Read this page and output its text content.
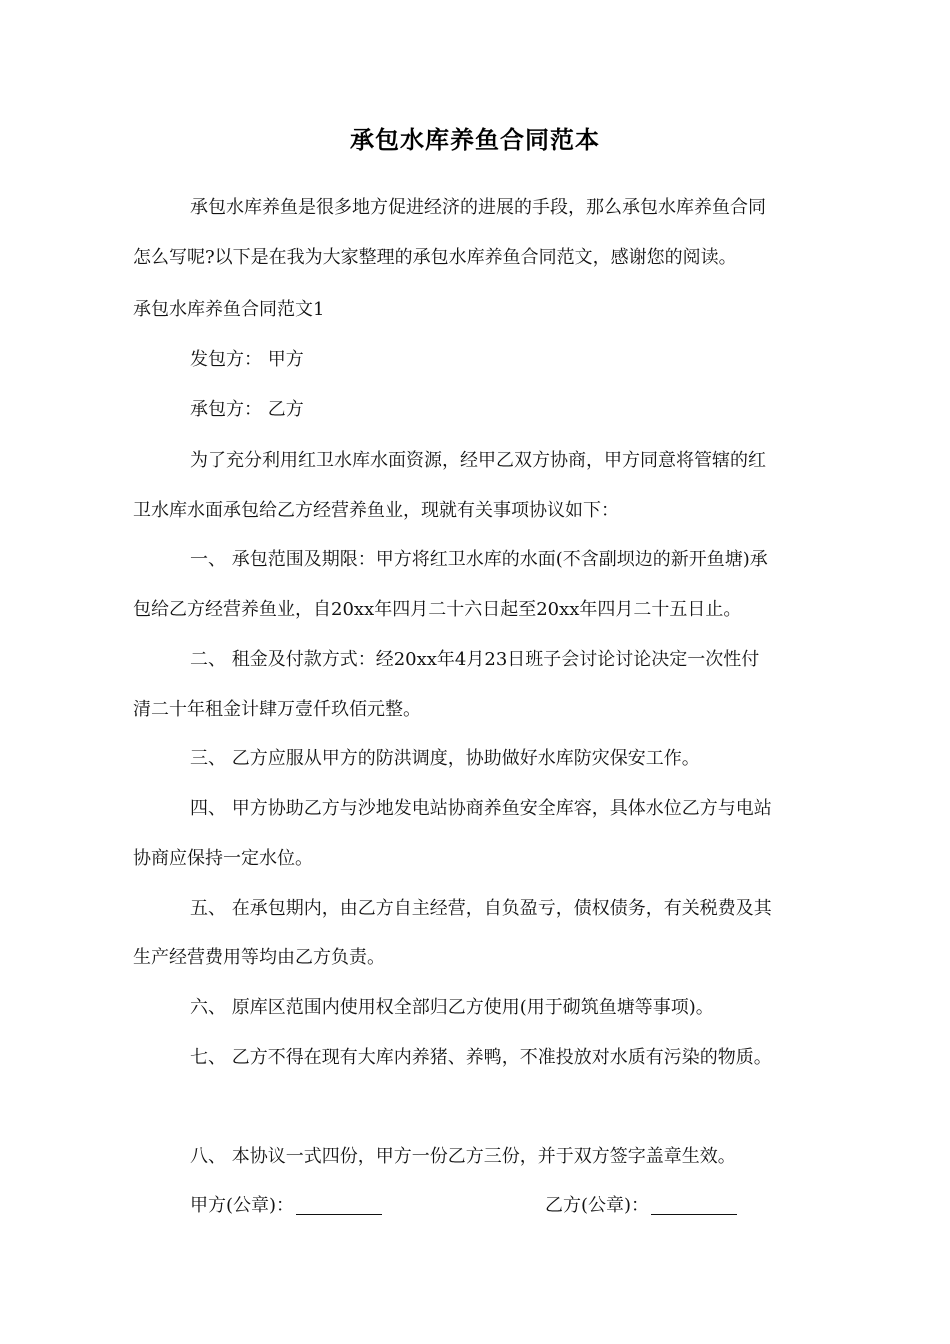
承包水库养鱼合同范本
承包水库养鱼是很多地方促进经济的进展的手段，那么承包水库养鱼合同
怎么写呢?以下是在我为大家整理的承包水库养鱼合同范文，感谢您的阅读。
承包水库养鱼合同范文1
发包方： 甲方
承包方： 乙方
为了充分利用红卫水库水面资源，经甲乙双方协商，甲方同意将管辖的红
卫水库水面承包给乙方经营养鱼业，现就有关事项协议如下：
一、 承包范围及期限：甲方将红卫水库的水面(不含副坝边的新开鱼塘)承
包给乙方经营养鱼业，自20xx年四月二十六日起至20xx年四月二十五日止。
二、 租金及付款方式：经20xx年4月23日班子会讨论讨论决定一次性付
清二十年租金计肆万壹仟玖佰元整。
三、 乙方应服从甲方的防洪调度，协助做好水库防灾保安工作。
四、 甲方协助乙方与沙地发电站协商养鱼安全库容，具体水位乙方与电站
协商应保持一定水位。
五、 在承包期内，由乙方自主经营，自负盈亏，债权债务，有关税费及其
生产经营费用等均由乙方负责。
六、 原库区范围内使用权全部归乙方使用(用于砌筑鱼塘等事项)。
七、 乙方不得在现有大库内养猪、养鸭，不准投放对水质有污染的物质。
八、 本协议一式四份，甲方一份乙方三份，并于双方签字盖章生效。
甲方(公章)：	乙方(公章)：
